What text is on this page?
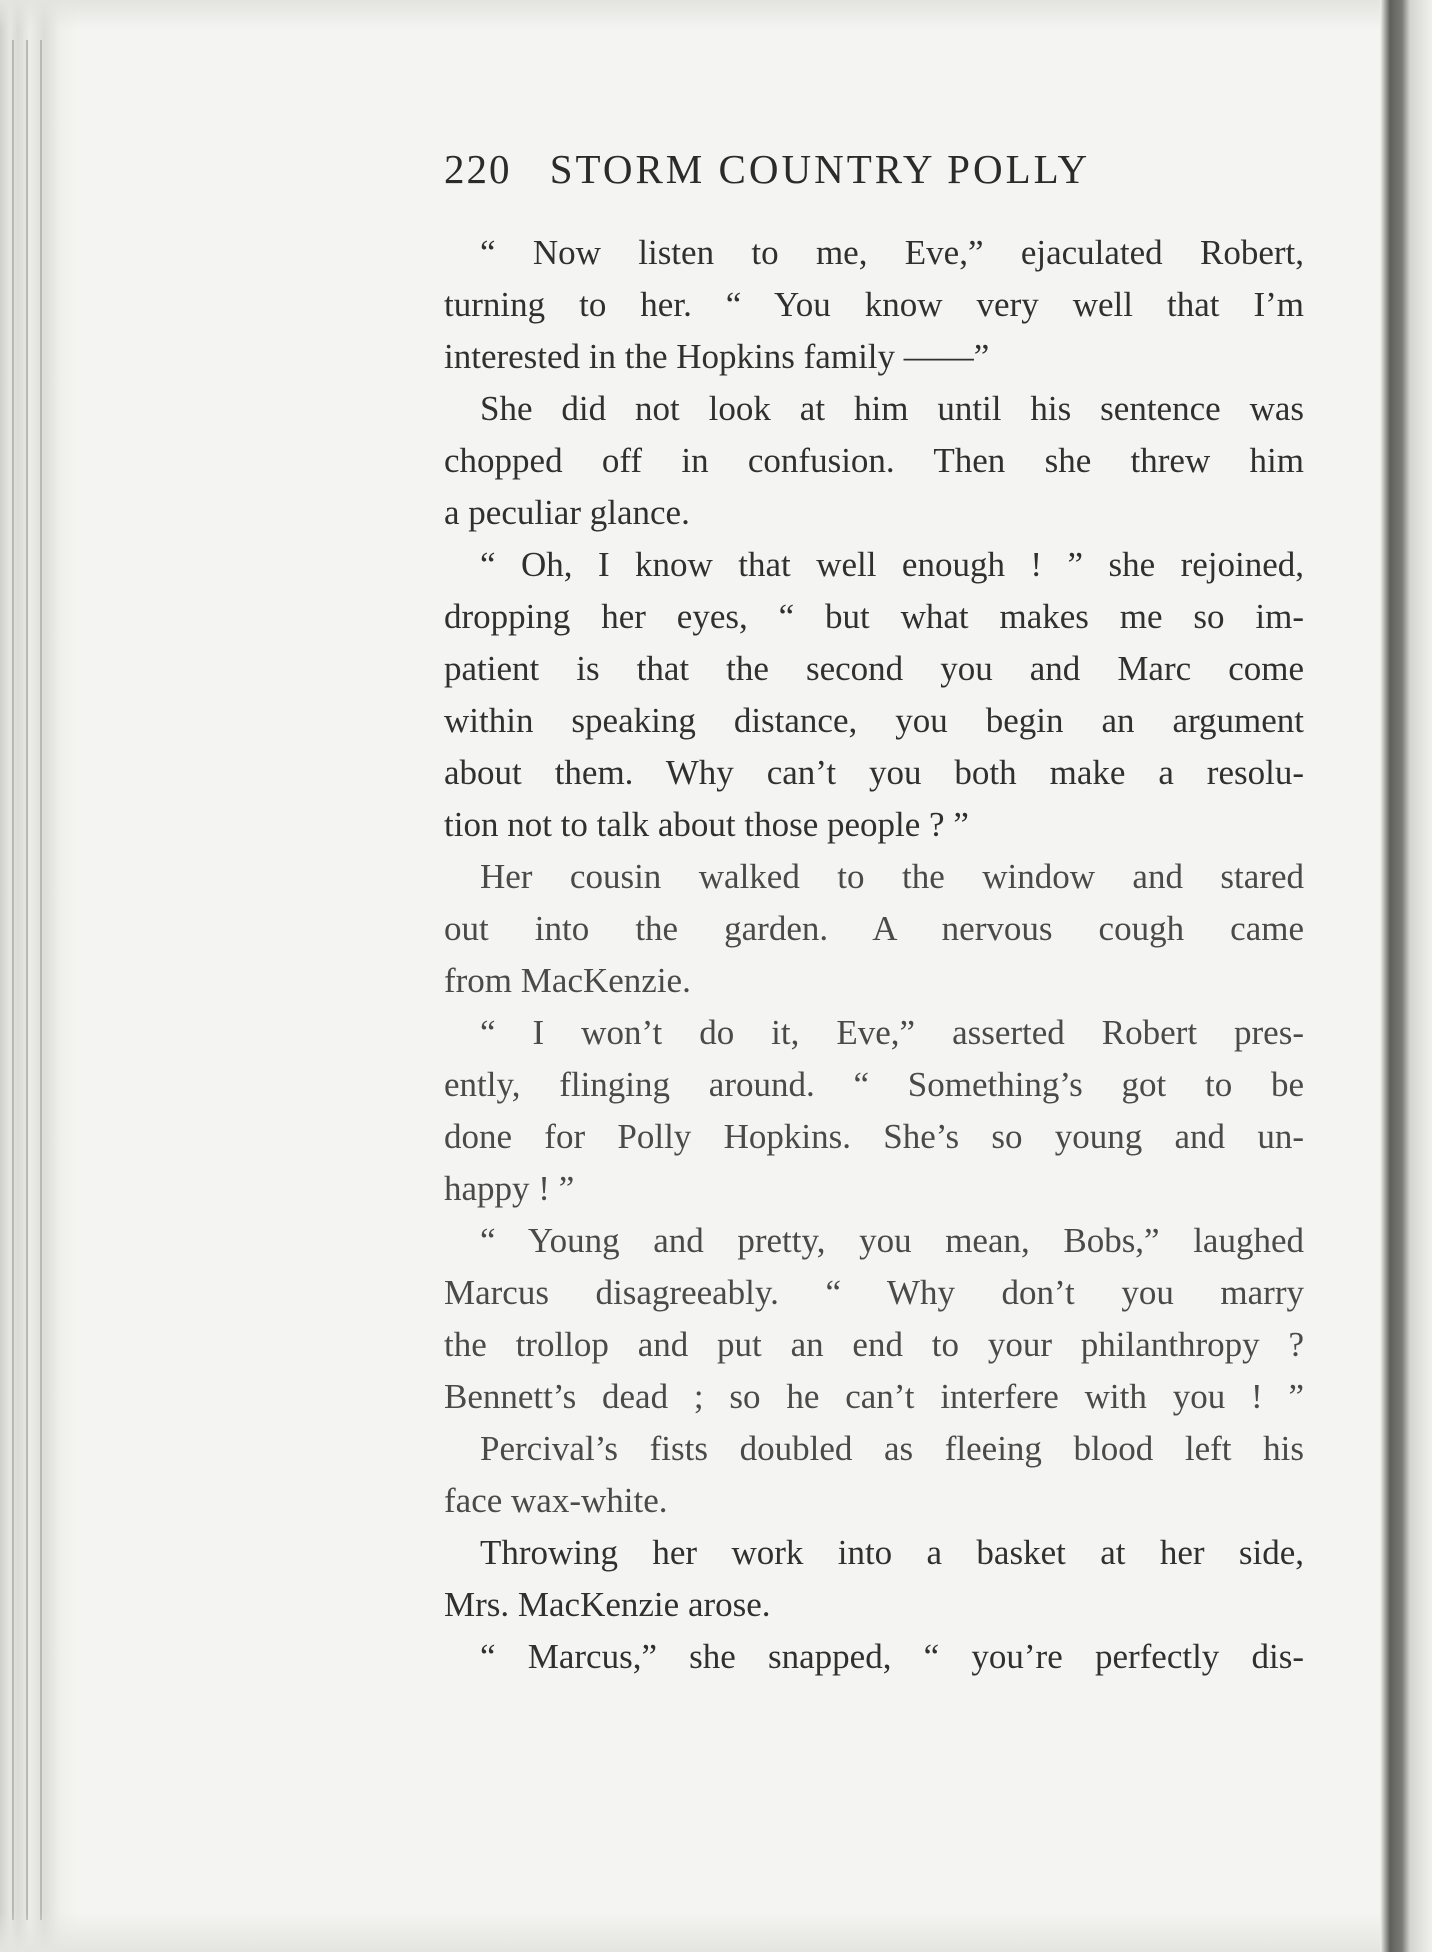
220 STORM COUNTRY POLLY
“ Now listen to me, Eve,” ejaculated Robert,
turning to her. “ You know very well that I’m
interested in the Hopkins family ——”
She did not look at him until his sentence was
chopped off in confusion. Then she threw him
a peculiar glance.
“ Oh, I know that well enough ! ” she rejoined,
dropping her eyes, “ but what makes me so im-
patient is that the second you and Marc come
within speaking distance, you begin an argument
about them. Why can’t you both make a resolu-
tion not to talk about those people ? ”
Her cousin walked to the window and stared
out into the garden. A nervous cough came
from MacKenzie.
“ I won’t do it, Eve,” asserted Robert pres-
ently, flinging around. “ Something’s got to be
done for Polly Hopkins. She’s so young and un-
happy ! ”
“ Young and pretty, you mean, Bobs,” laughed
Marcus disagreeably. “ Why don’t you marry
the trollop and put an end to your philanthropy ?
Bennett’s dead ; so he can’t interfere with you ! ”
Percival’s fists doubled as fleeing blood left his
face wax-white.
Throwing her work into a basket at her side,
Mrs. MacKenzie arose.
“ Marcus,” she snapped, “ you’re perfectly dis-
